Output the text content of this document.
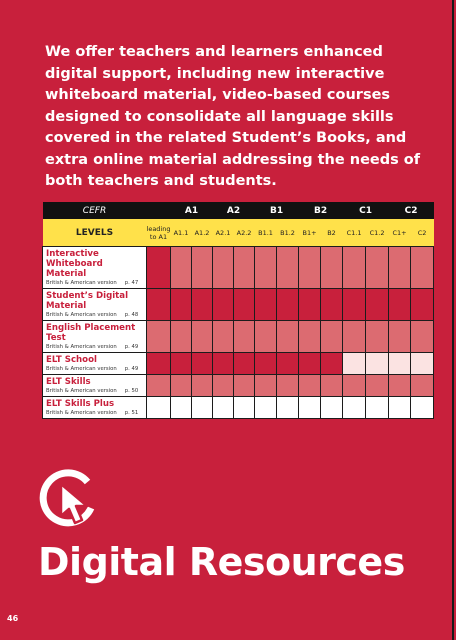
We offer teachers and learners enhanced digital support, including new interactive whiteboard material, video-based courses designed to consolidate all language skills covered in the related Student’s Books, and extra online material addressing the needs of both teachers and students.

CEFR		A1		A2		B1		B2		C1		C2	
LEVELS	leading to A1	A1.1	A1.2	A2.1	A2.2	B1.1	B1.2	B1+	B2	C1.1	C1.2	C1+	C2

Interactive Whiteboard Material
British & American version p. 47													

Student’s Digital Material
British & American version p. 48													

English Placement Test
British & American version p. 49													

ELT School
British & American version p. 49													

ELT Skills
British & American version p. 50													

ELT Skills Plus
British & American version p. 51													

Digital Resources
46
